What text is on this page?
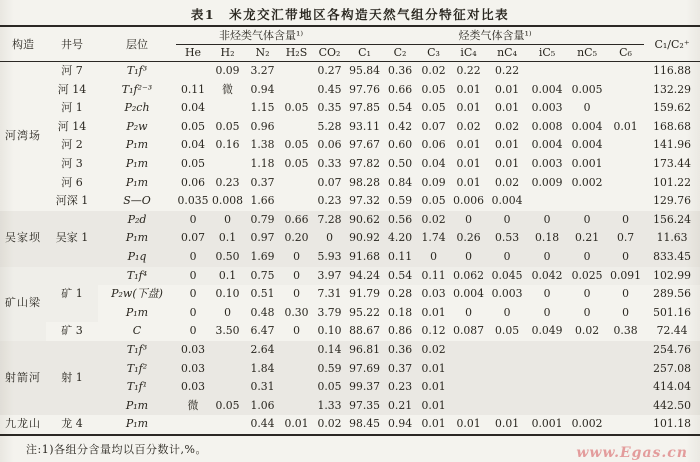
表1　米龙交汇带地区各构造天然气组分特征对比表
构造	井号	层位	非烃类气体含量¹⁾					烃类气体含量¹⁾								C₁/C₂⁺
			He	H₂	N₂	H₂S	CO₂	C₁	C₂	C₃	iC₄	nC₄	iC₅	nC₅	C₆	
河湾场	河 7	T₁f³		0.09	3.27		0.27	95.84	0.36	0.02	0.22	0.22				116.88
	河 14	T₁f²⁻³	0.11	微	0.94		0.45	97.76	0.66	0.05	0.01	0.01	0.004	0.005		132.29
	河 1	P₂ch	0.04		1.15	0.05	0.35	97.85	0.54	0.05	0.01	0.01	0.003	0		159.62
	河 14	P₂w	0.05	0.05	0.96		5.28	93.11	0.42	0.07	0.02	0.02	0.008	0.004	0.01	168.68
	河 2	P₁m	0.04	0.16	1.38	0.05	0.06	97.67	0.60	0.06	0.01	0.01	0.004	0.004		141.96
	河 3	P₁m	0.05		1.18	0.05	0.33	97.82	0.50	0.04	0.01	0.01	0.003	0.001		173.44
	河 6	P₁m	0.06	0.23	0.37		0.07	98.28	0.84	0.09	0.01	0.02	0.009	0.002		101.22
	河深 1	S—O	0.035	0.008	1.66		0.23	97.32	0.59	0.05	0.006	0.004				129.76
吴家坝	吴家 1	P₂d	0	0	0.79	0.66	7.28	90.62	0.56	0.02	0	0	0	0	0	156.24
		P₁m	0.07	0.1	0.97	0.20	0	90.92	4.20	1.74	0.26	0.53	0.18	0.21	0.7	11.63
		P₁q	0	0.50	1.69	0	5.93	91.68	0.11	0	0	0	0	0	0	833.45
矿山梁	矿 1	T₁f⁴	0	0.1	0.75	0	3.97	94.24	0.54	0.11	0.062	0.045	0.042	0.025	0.091	102.99
		P₂w(下盘)	0	0.10	0.51	0	7.31	91.79	0.28	0.03	0.004	0.003	0	0	0	289.56
		P₁m	0	0	0.48	0.30	3.79	95.22	0.18	0.01	0	0	0	0	0	501.16
	矿 3	C	0	3.50	6.47	0	0.10	88.67	0.86	0.12	0.087	0.05	0.049	0.02	0.38	72.44
射箭河	射 1	T₁f³	0.03		2.64		0.14	96.81	0.36	0.02						254.76
		T₁f²	0.03		1.84		0.59	97.69	0.37	0.01						257.08
		T₁f¹	0.03		0.31		0.05	99.37	0.23	0.01						414.04
		P₁m	微	0.05	1.06		1.33	97.35	0.21	0.01						442.50
九龙山	龙 4	P₁m			0.44	0.01	0.02	98.45	0.94	0.01	0.01	0.01	0.001	0.002		101.18
注:1)各组分含量均以百分数计,%。	www.Egas.cn
